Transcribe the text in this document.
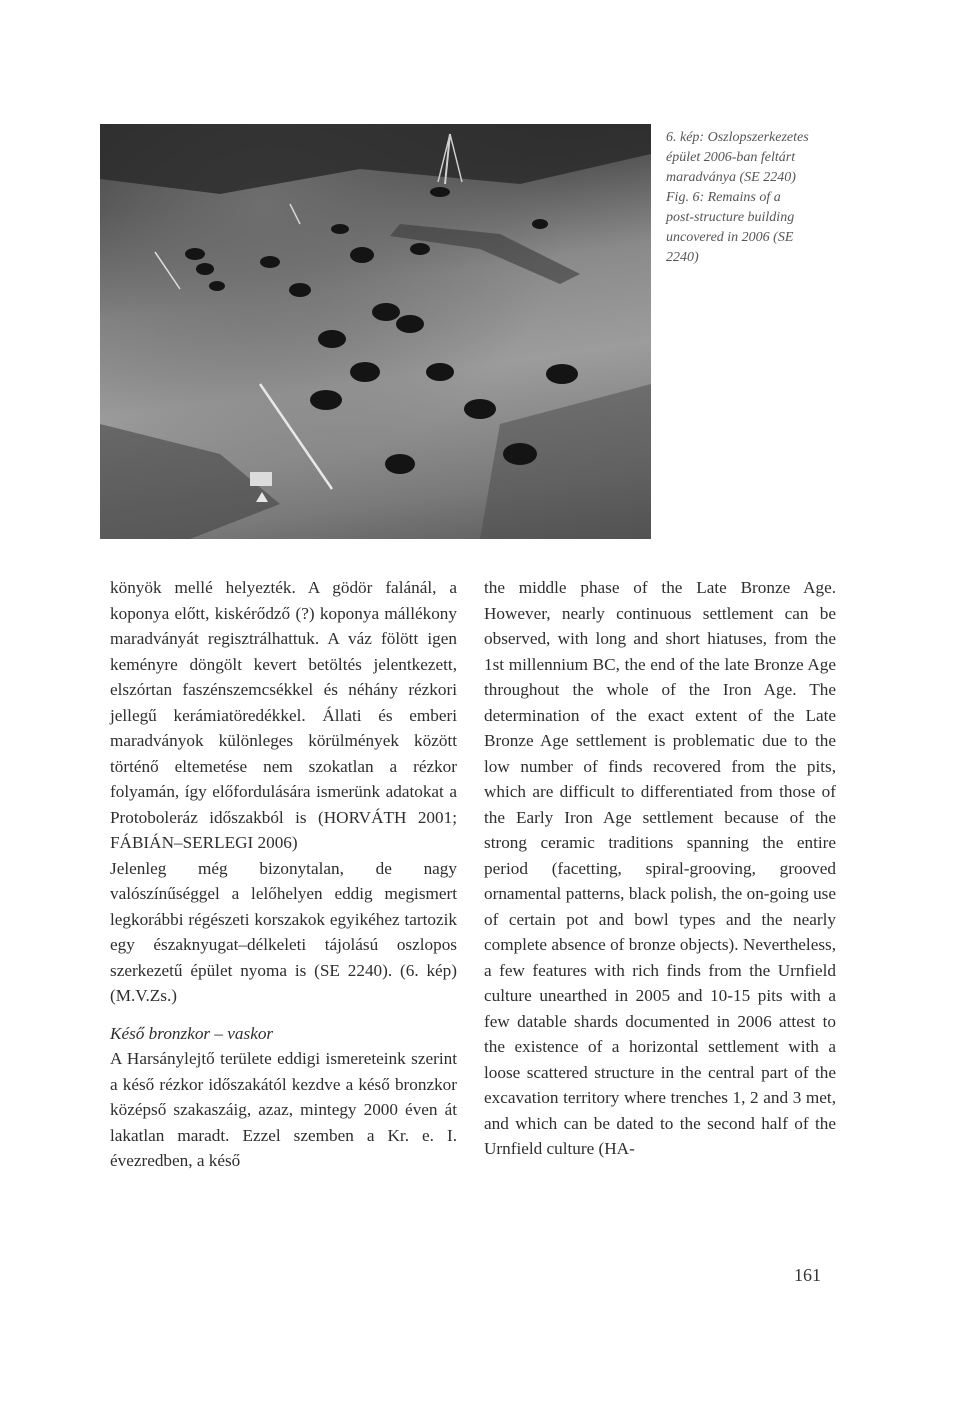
6. kép: Oszlopszerkezetes
épület 2006-ban feltárt
maradványa (SE 2240)
Fig. 6: Remains of a
post-structure building
uncovered in 2006 (SE
2240)

könyök mellé helyezték. A gödör falánál, a koponya előtt, kiskérődző (?) koponya mállékony maradványát regisztrálhattuk. A váz fölött igen keményre döngölt kevert betöltés jelentkezett, elszórtan faszénszemcsékkel és néhány rézkori jellegű kerámiatöredékkel. Állati és emberi maradványok különleges körülmények között történő eltemetése nem szokatlan a rézkor folyamán, így előfordulására ismerünk adatokat a Protoboleráz időszakból is (HORVÁTH 2001; FÁBIÁN–SERLEGI 2006)

Jelenleg még bizonytalan, de nagy valószínűséggel a lelőhelyen eddig megismert legkorábbi régészeti korszakok egyikéhez tartozik egy északnyugat–délkeleti tájolású oszlopos szerkezetű épület nyoma is (SE 2240). (6. kép) (M.V.Zs.)

Késő bronzkor – vaskor

A Harsánylejtő területe eddigi ismereteink szerint a késő rézkor időszakától kezdve a késő bronzkor középső szakaszáig, azaz, mintegy 2000 éven át lakatlan maradt. Ezzel szemben a Kr. e. I. évezredben, a késő

the middle phase of the Late Bronze Age. However, nearly continuous settlement can be observed, with long and short hiatuses, from the 1st millennium BC, the end of the late Bronze Age throughout the whole of the Iron Age. The determination of the exact extent of the Late Bronze Age settlement is problematic due to the low number of finds recovered from the pits, which are difficult to differentiated from those of the Early Iron Age settlement because of the strong ceramic traditions spanning the entire period (facetting, spiral-grooving, grooved ornamental patterns, black polish, the on-going use of certain pot and bowl types and the nearly complete absence of bronze objects). Nevertheless, a few features with rich finds from the Urnfield culture unearthed in 2005 and 10-15 pits with a few datable shards documented in 2006 attest to the existence of a horizontal settlement with a loose scattered structure in the central part of the excavation territory where trenches 1, 2 and 3 met, and which can be dated to the second half of the Urnfield culture (HA-

161
